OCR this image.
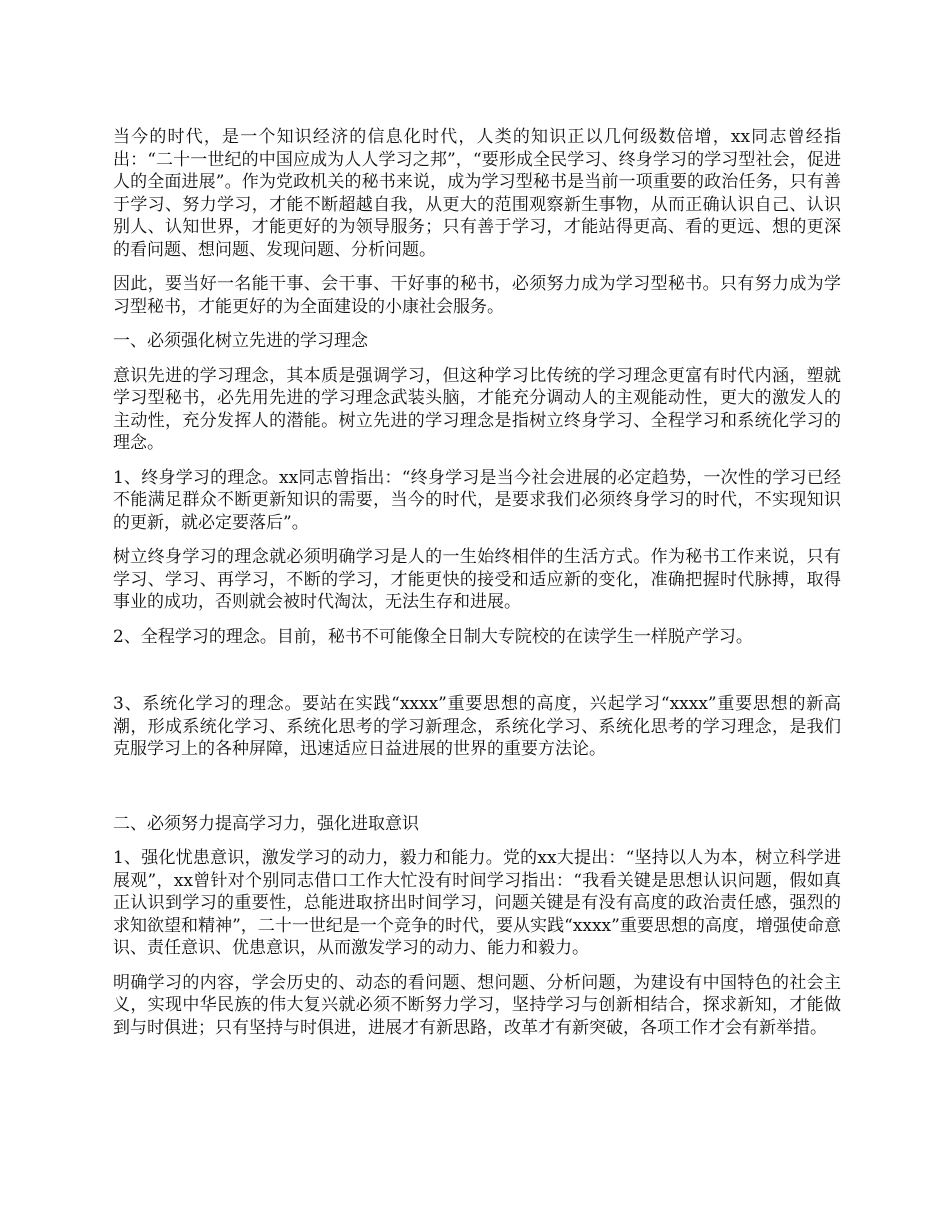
当今的时代，是一个知识经济的信息化时代，人类的知识正以几何级数倍增，xx同志曾经指出：“二十一世纪的中国应成为人人学习之邦”，“要形成全民学习、终身学习的学习型社会，促进人的全面进展”。作为党政机关的秘书来说，成为学习型秘书是当前一项重要的政治任务，只有善于学习、努力学习，才能不断超越自我，从更大的范围观察新生事物，从而正确认识自己、认识别人、认知世界，才能更好的为领导服务；只有善于学习，才能站得更高、看的更远、想的更深的看问题、想问题、发现问题、分析问题。

因此，要当好一名能干事、会干事、干好事的秘书，必须努力成为学习型秘书。只有努力成为学习型秘书，才能更好的为全面建设的小康社会服务。

一、必须强化树立先进的学习理念

意识先进的学习理念，其本质是强调学习，但这种学习比传统的学习理念更富有时代内涵，塑就学习型秘书，必先用先进的学习理念武装头脑，才能充分调动人的主观能动性，更大的激发人的主动性，充分发挥人的潜能。树立先进的学习理念是指树立终身学习、全程学习和系统化学习的理念。

1、终身学习的理念。xx同志曾指出：“终身学习是当今社会进展的必定趋势，一次性的学习已经不能满足群众不断更新知识的需要，当今的时代，是要求我们必须终身学习的时代，不实现知识的更新，就必定要落后”。

树立终身学习的理念就必须明确学习是人的一生始终相伴的生活方式。作为秘书工作来说，只有学习、学习、再学习，不断的学习，才能更快的接受和适应新的变化，准确把握时代脉搏，取得事业的成功，否则就会被时代淘汰，无法生存和进展。

2、全程学习的理念。目前，秘书不可能像全日制大专院校的在读学生一样脱产学习。

3、系统化学习的理念。要站在实践“xxxx”重要思想的高度，兴起学习“xxxx”重要思想的新高潮，形成系统化学习、系统化思考的学习新理念，系统化学习、系统化思考的学习理念，是我们克服学习上的各种屏障，迅速适应日益进展的世界的重要方法论。

二、必须努力提高学习力，强化进取意识

1、强化忧患意识，激发学习的动力，毅力和能力。党的xx大提出：“坚持以人为本，树立科学进展观”，xx曾针对个别同志借口工作大忙没有时间学习指出：“我看关键是思想认识问题，假如真正认识到学习的重要性，总能进取挤出时间学习，问题关键是有没有高度的政治责任感，强烈的求知欲望和精神”，二十一世纪是一个竞争的时代，要从实践“xxxx”重要思想的高度，增强使命意识、责任意识、优患意识，从而激发学习的动力、能力和毅力。

明确学习的内容，学会历史的、动态的看问题、想问题、分析问题，为建设有中国特色的社会主义，实现中华民族的伟大复兴就必须不断努力学习，坚持学习与创新相结合，探求新知，才能做到与时俱进；只有坚持与时俱进，进展才有新思路，改革才有新突破，各项工作才会有新举措。
